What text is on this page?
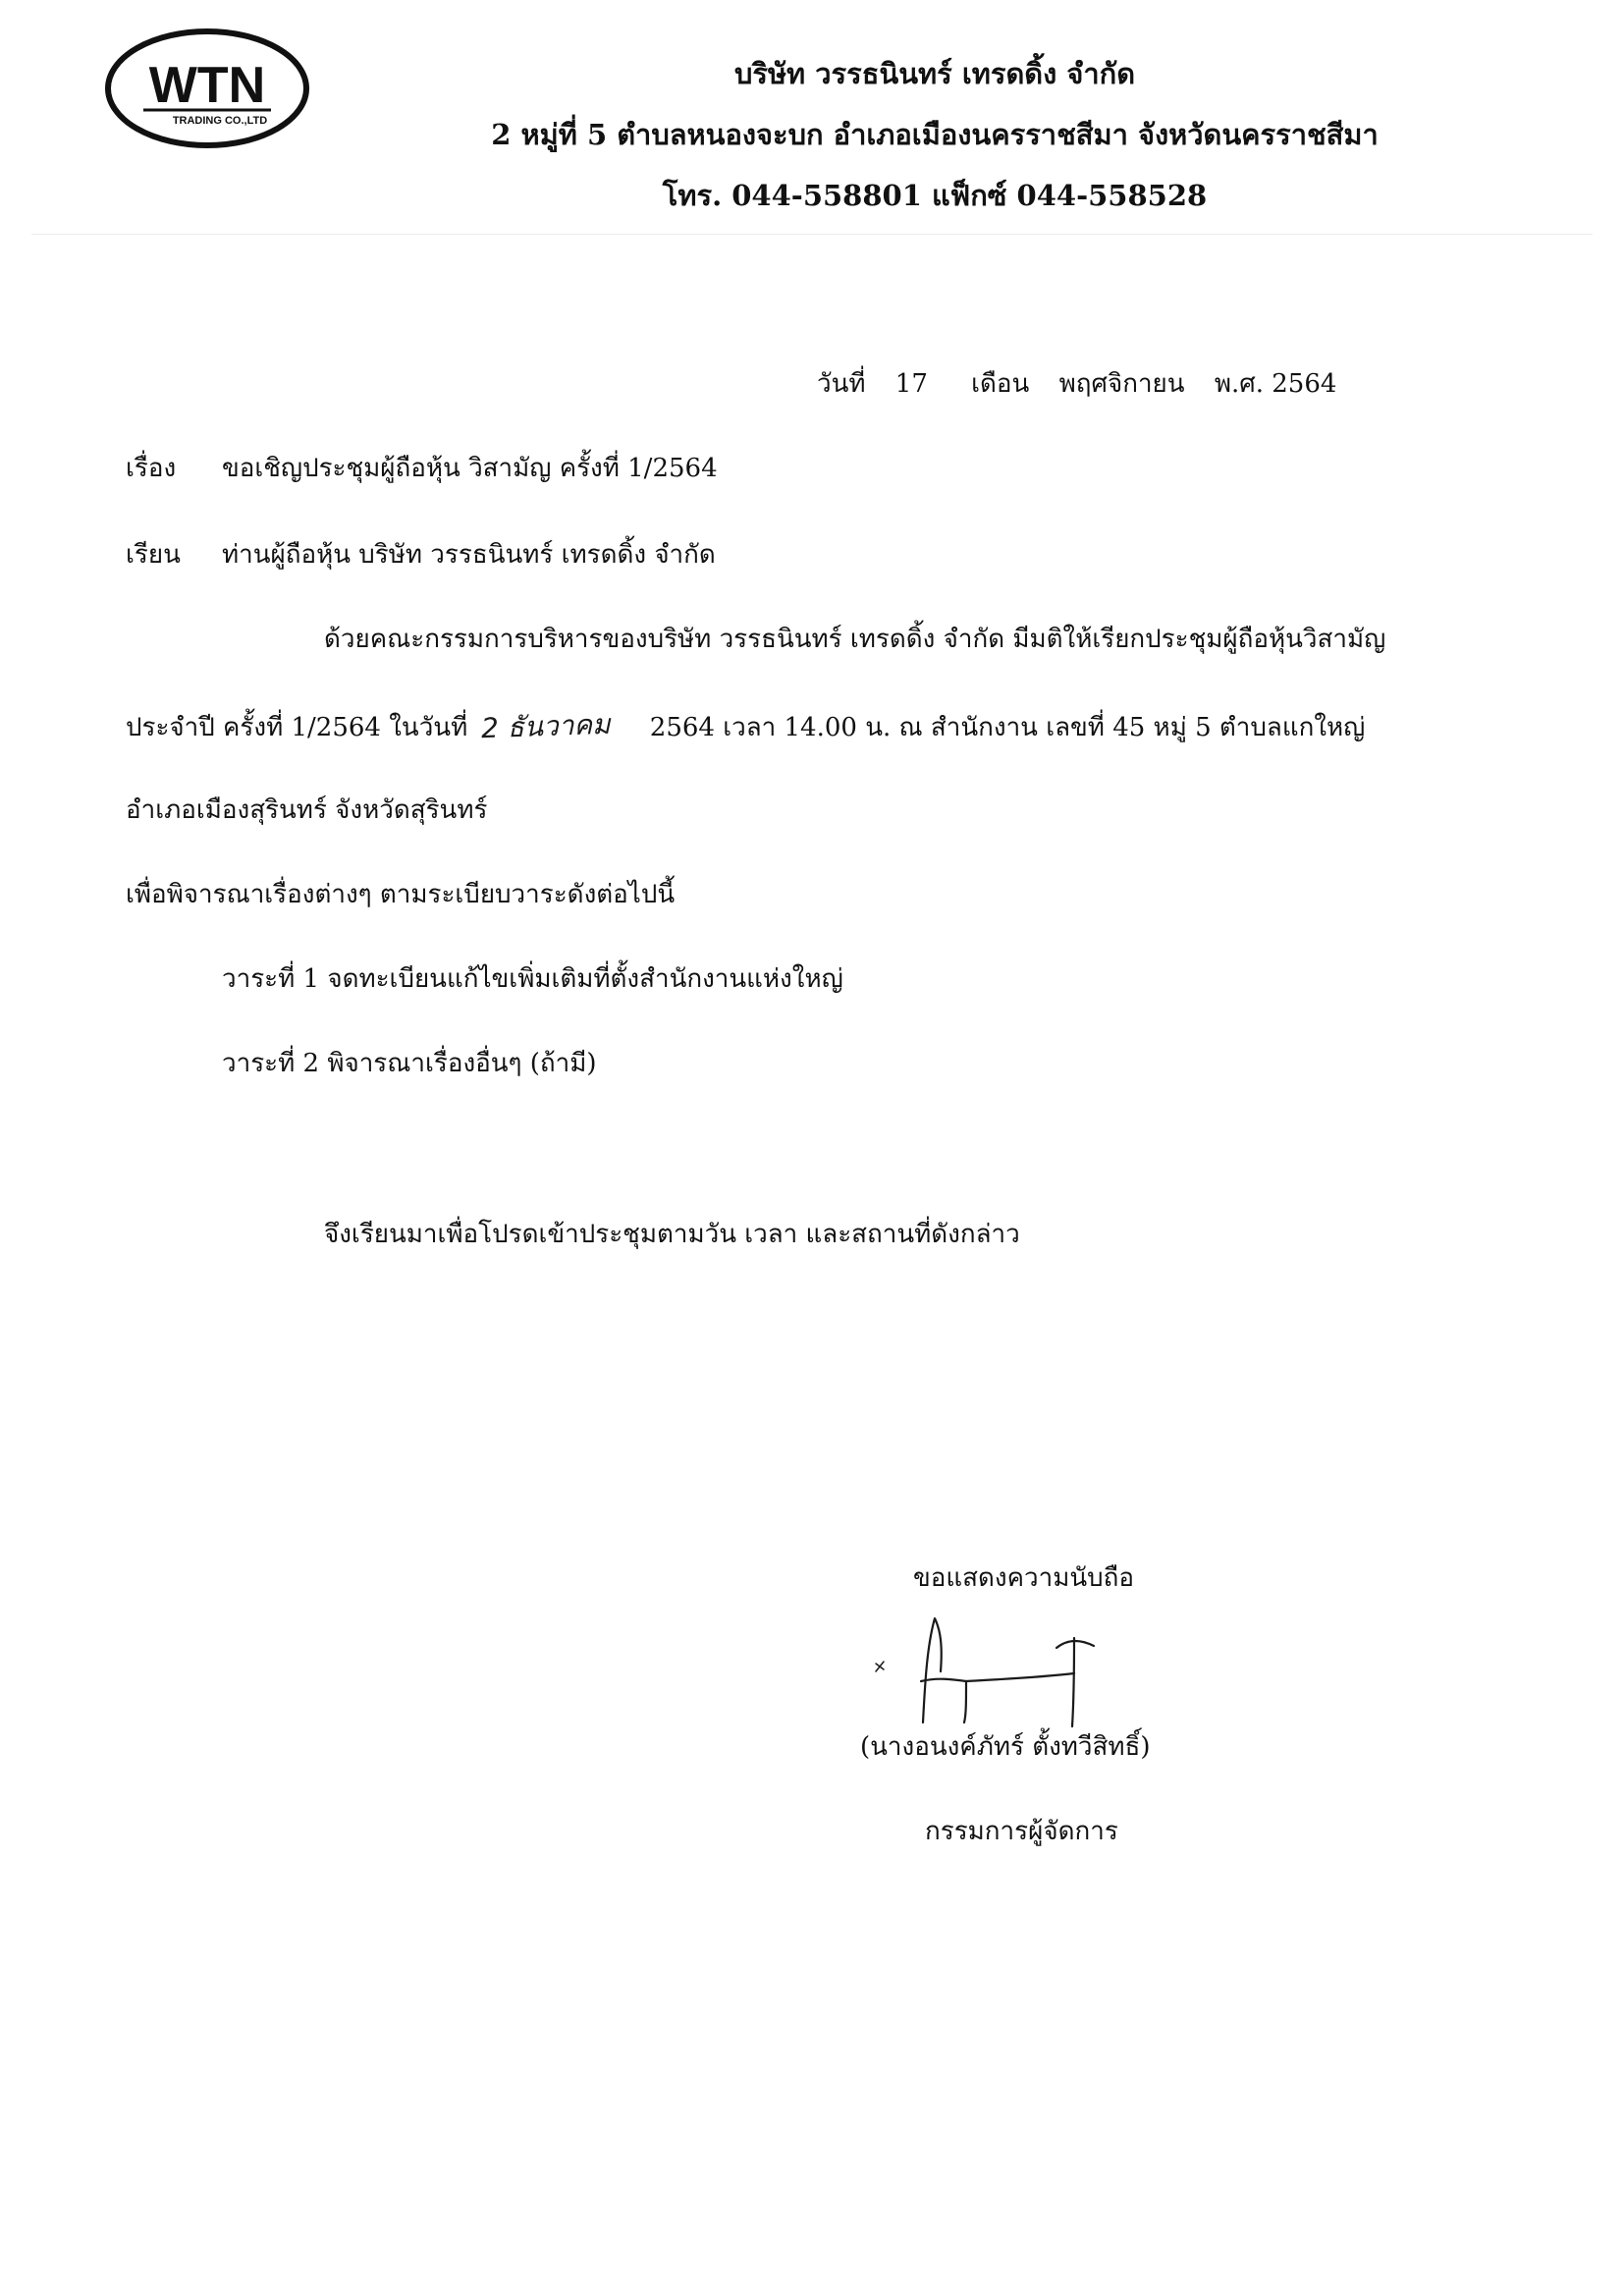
WTN
TRADING CO.,LTD
บริษัท วรรธนินทร์ เทรดดิ้ง จำกัด
2 หมู่ที่ 5 ตำบลหนองจะบก อำเภอเมืองนครราชสีมา จังหวัดนครราชสีมา
โทร. 044-558801 แฟ็กซ์ 044-558528
วันที่ 17 เดือน พฤศจิกายน พ.ศ. 2564
เรื่อง ขอเชิญประชุมผู้ถือหุ้น วิสามัญ ครั้งที่ 1/2564
เรียน ท่านผู้ถือหุ้น บริษัท วรรธนินทร์ เทรดดิ้ง จำกัด
ด้วยคณะกรรมการบริหารของบริษัท วรรธนินทร์ เทรดดิ้ง จำกัด มีมติให้เรียกประชุมผู้ถือหุ้นวิสามัญ
ประจำปี ครั้งที่ 1/2564 ในวันที่ 2 ธันวาคม 2564 เวลา 14.00 น. ณ สำนักงาน เลขที่ 45 หมู่ 5 ตำบลแกใหญ่
อำเภอเมืองสุรินทร์ จังหวัดสุรินทร์
เพื่อพิจารณาเรื่องต่างๆ ตามระเบียบวาระดังต่อไปนี้
วาระที่ 1 จดทะเบียนแก้ไขเพิ่มเติมที่ตั้งสำนักงานแห่งใหญ่
วาระที่ 2 พิจารณาเรื่องอื่นๆ (ถ้ามี)
จึงเรียนมาเพื่อโปรดเข้าประชุมตามวัน เวลา และสถานที่ดังกล่าว
ขอแสดงความนับถือ
(นางอนงค์ภัทร์ ตั้งทวีสิทธิ์)
กรรมการผู้จัดการ
